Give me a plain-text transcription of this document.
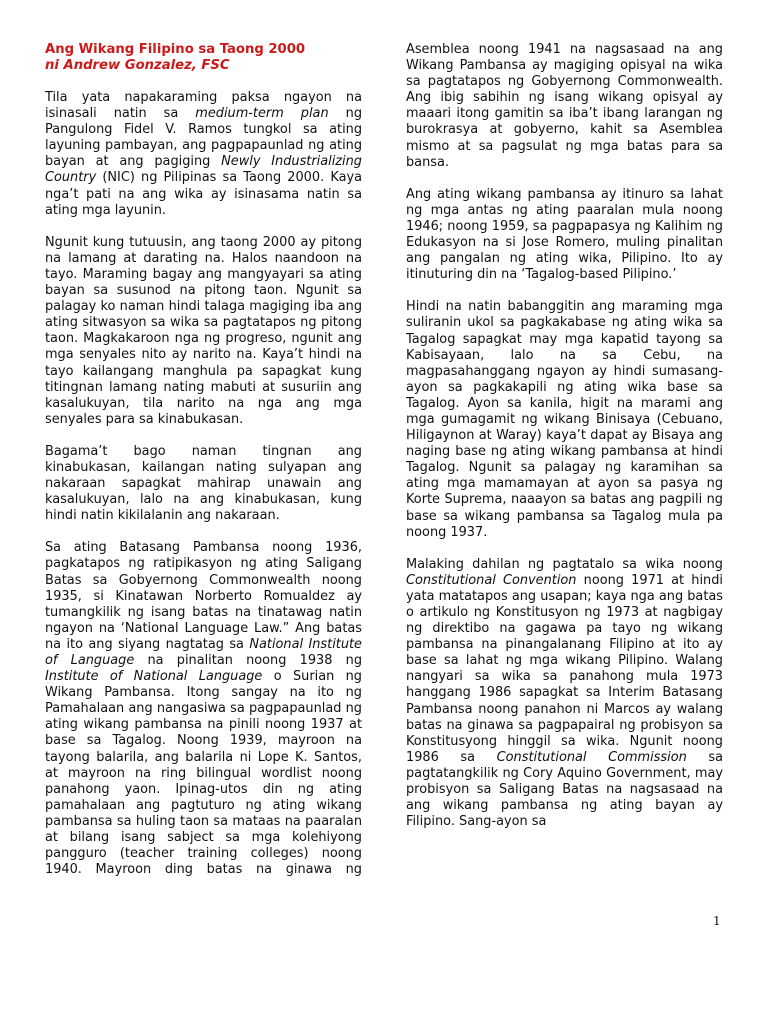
Ang Wikang Filipino sa Taong 2000
ni Andrew Gonzalez, FSC

Tila yata napakaraming paksa ngayon na isinasali natin sa medium-term plan ng Pangulong Fidel V. Ramos tungkol sa ating layuning pambayan, ang pagpapaunlad ng ating bayan at ang pagiging Newly Industrializing Country (NIC) ng Pilipinas sa Taong 2000. Kaya nga’t pati na ang wika ay isinasama natin sa ating mga layunin.

Ngunit kung tutuusin, ang taong 2000 ay pitong na lamang at darating na. Halos naandoon na tayo. Maraming bagay ang mangyayari sa ating bayan sa susunod na pitong taon. Ngunit sa palagay ko naman hindi talaga magiging iba ang ating sitwasyon sa wika sa pagtatapos ng pitong taon. Magkakaroon nga ng progreso, ngunit ang mga senyales nito ay narito na. Kaya’t hindi na tayo kailangang manghula pa sapagkat kung titingnan lamang nating mabuti at susuriin ang kasalukuyan, tila narito na nga ang mga senyales para sa kinabukasan.

Bagama’t bago naman tingnan ang kinabukasan, kailangan nating sulyapan ang nakaraan sapagkat mahirap unawain ang kasalukuyan, lalo na ang kinabukasan, kung hindi natin kikilalanin ang nakaraan.

Sa ating Batasang Pambansa noong 1936, pagkatapos ng ratipikasyon ng ating Saligang Batas sa Gobyernong Commonwealth noong 1935, si Kinatawan Norberto Romualdez ay tumangkilik ng isang batas na tinatawag natin ngayon na ‘National Language Law.” Ang batas na ito ang siyang nagtatag sa National Institute of Language na pinalitan noong 1938 ng Institute of National Language o Surian ng Wikang Pambansa. Itong sangay na ito ng Pamahalaan ang nangasiwa sa pagpapaunlad ng ating wikang pambansa na pinili noong 1937 at base sa Tagalog. Noong 1939, mayroon na tayong balarila, ang balarila ni Lope K. Santos, at mayroon na ring bilingual wordlist noong panahong yaon. Ipinag-utos din ng ating pamahalaan ang pagtuturo ng ating wikang pambansa sa huling taon sa mataas na paaralan at bilang isang sabject sa mga kolehiyong pangguro (teacher training colleges) noong 1940. Mayroon ding batas na ginawa ng

Asemblea noong 1941 na nagsasaad na ang Wikang Pambansa ay magiging opisyal na wika sa pagtatapos ng Gobyernong Commonwealth. Ang ibig sabihin ng isang wikang opisyal ay maaari itong gamitin sa iba’t ibang larangan ng burokrasya at gobyerno, kahit sa Asemblea mismo at sa pagsulat ng mga batas para sa bansa.

Ang ating wikang pambansa ay itinuro sa lahat ng mga antas ng ating paaralan mula noong 1946; noong 1959, sa pagpapasya ng Kalihim ng Edukasyon na si Jose Romero, muling pinalitan ang pangalan ng ating wika, Pilipino. Ito ay itinuturing din na ‘Tagalog-based Pilipino.’

Hindi na natin babanggitin ang maraming mga suliranin ukol sa pagkakabase ng ating wika sa Tagalog sapagkat may mga kapatid tayong sa Kabisayaan, lalo na sa Cebu, na magpasahanggang ngayon ay hindi sumasang-ayon sa pagkakapili ng ating wika base sa Tagalog. Ayon sa kanila, higit na marami ang mga gumagamit ng wikang Binisaya (Cebuano, Hiligaynon at Waray) kaya’t dapat ay Bisaya ang naging base ng ating wikang pambansa at hindi Tagalog. Ngunit sa palagay ng karamihan sa ating mga mamamayan at ayon sa pasya ng Korte Suprema, naaayon sa batas ang pagpili ng base sa wikang pambansa sa Tagalog mula pa noong 1937.

Malaking dahilan ng pagtatalo sa wika noong Constitutional Convention noong 1971 at hindi yata matatapos ang usapan; kaya nga ang batas o artikulo ng Konstitusyon ng 1973 at nagbigay ng direktibo na gagawa pa tayo ng wikang pambansa na pinangalanang Filipino at ito ay base sa lahat ng mga wikang Pilipino. Walang nangyari sa wika sa panahong mula 1973 hanggang 1986 sapagkat sa Interim Batasang Pambansa noong panahon ni Marcos ay walang batas na ginawa sa pagpapairal ng probisyon sa Konstitusyong hinggil sa wika. Ngunit noong 1986 sa Constitutional Commission sa pagtatangkilik ng Cory Aquino Government, may probisyon sa Saligang Batas na nagsasaad na ang wikang pambansa ng ating bayan ay Filipino. Sang-ayon sa

1
